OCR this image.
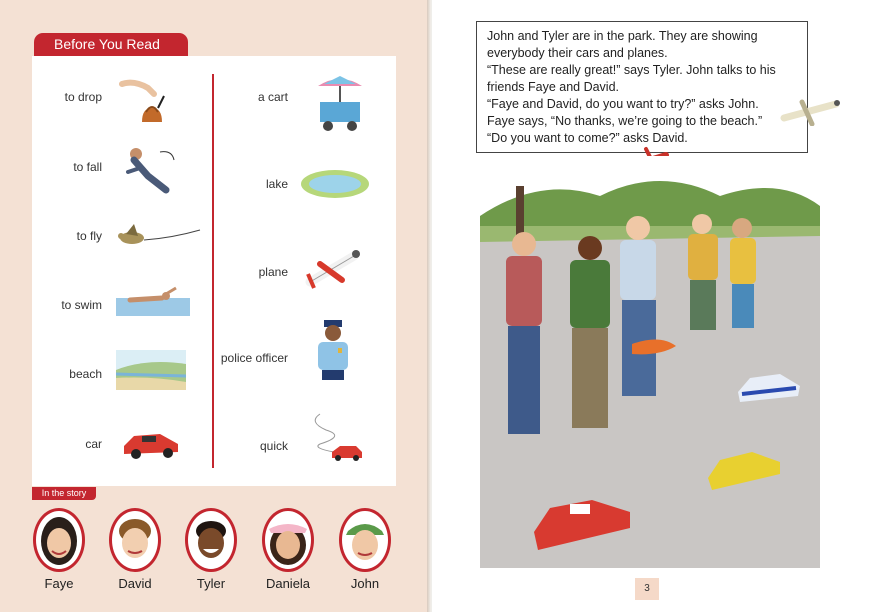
Before You Read
to drop
to fall
to fly
to swim
beach
car
a cart
lake
plane
police officer
quick
In the story
Faye	David	Tyler	Daniela	John

John and Tyler are in the park. They are showing

everybody their cars and planes.

“These are really great!” says Tyler. John talks to his

friends Faye and David.

“Faye and David, do you want to try?” asks John.

Faye says, “No thanks, we’re going to the beach.”

“Do you want to come?” asks David.

3
